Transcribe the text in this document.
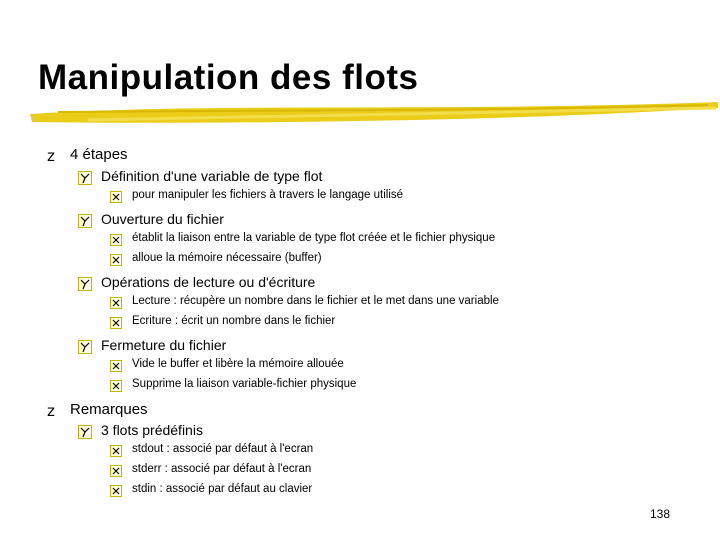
Manipulation des flots
z 4 étapes
Définition d'une variable de type flot
pour manipuler les fichiers à travers le langage utilisé
Ouverture du fichier
établit la liaison entre la variable de type flot créée et le fichier physique
alloue la mémoire nécessaire (buffer)
Opérations de lecture ou d'écriture
Lecture : récupère un nombre dans le fichier et le met dans une variable
Ecriture : écrit un nombre dans le fichier
Fermeture du fichier
Vide le buffer et libère la mémoire allouée
Supprime la liaison variable-fichier physique
z Remarques
3 flots prédéfinis
stdout : associé par défaut à l'ecran
stderr : associé par défaut à l'ecran
stdin : associé par défaut au clavier
138
